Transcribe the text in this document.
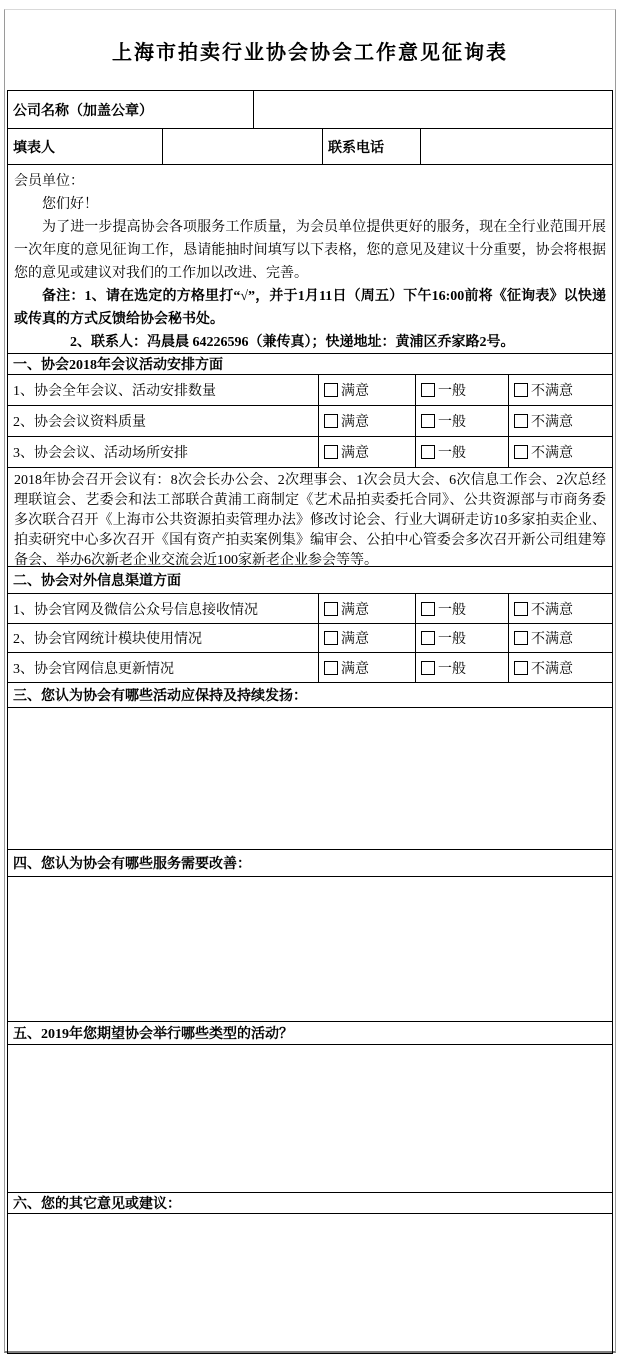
上海市拍卖行业协会协会工作意见征询表
公司名称（加盖公章）
填表人	联系电话
会员单位：
您们好！
为了进一步提高协会各项服务工作质量，为会员单位提供更好的服务，现在全行业范围开展一次年度的意见征询工作，恳请能抽时间填写以下表格，您的意见及建议十分重要，协会将根据您的意见或建议对我们的工作加以改进、完善。
备注：1、请在选定的方格里打“√”，并于1月11日（周五）下午16:00前将《征询表》以快递或传真的方式反馈给协会秘书处。
2、联系人：冯晨晨 64226596（兼传真）；快递地址：黄浦区乔家路2号。
一、协会2018年会议活动安排方面
1、协会全年会议、活动安排数量	满意	一般	不满意
2、协会会议资料质量	满意	一般	不满意
3、协会会议、活动场所安排	满意	一般	不满意
2018年协会召开会议有：8次会长办公会、2次理事会、1次会员大会、6次信息工作会、2次总经理联谊会、艺委会和法工部联合黄浦工商制定《艺术品拍卖委托合同》、公共资源部与市商务委多次联合召开《上海市公共资源拍卖管理办法》修改讨论会、行业大调研走访10多家拍卖企业、拍卖研究中心多次召开《国有资产拍卖案例集》编审会、公拍中心管委会多次召开新公司组建筹备会、举办6次新老企业交流会近100家新老企业参会等等。
二、协会对外信息渠道方面
1、协会官网及微信公众号信息接收情况	满意	一般	不满意
2、协会官网统计模块使用情况	满意	一般	不满意
3、协会官网信息更新情况	满意	一般	不满意
三、您认为协会有哪些活动应保持及持续发扬：
四、您认为协会有哪些服务需要改善：
五、2019年您期望协会举行哪些类型的活动？
六、您的其它意见或建议：
